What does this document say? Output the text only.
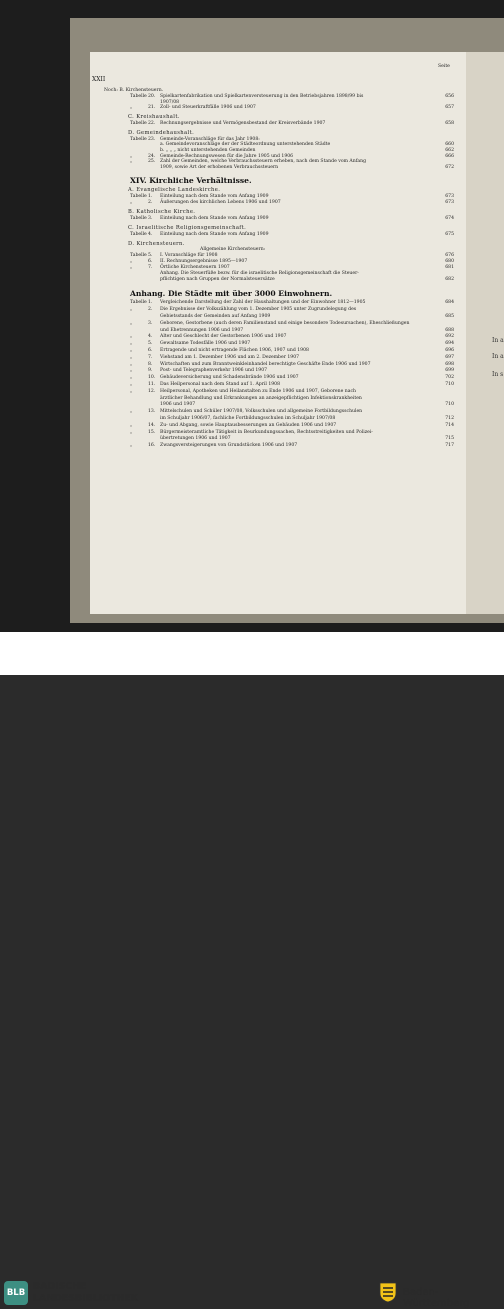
XXII
Seite
Noch: B. Kirchensteuern.
Tabelle 20. Spielkartenfabrikation und Spielkartenversteuerung in den Betriebsjahren 1898/99 bis	656
1907/08
„	21. Zoll- und Steuerkraftfälle 1906 und 1907	657
C. Kreishaushalt.
Tabelle 22. Rechnungsergebnisse und Vermögensbestand der Kreisverbände 1907	658
D. Gemeindehaushalt.
Tabelle 23. Gemeinde-Voranschläge für das Jahr 1908:
a. Gemeindevoranschläge der der Städteordnung unterstehenden Städte	660
b. „ „ „ nicht unterstehenden Gemeinden	662
„	24. Gemeinde-Rechnungswesen für die Jahre 1905 und 1906	666
„	25. Zahl der Gemeinden, welche Verbrauchssteuern erheben, nach dem Stande vom Anfang
1909, sowie Art der erhobenen Verbrauchssteuern	672
XIV. Kirchliche Verhältnisse.
A. Evangelische Landeskirche.
Tabelle 1. Einteilung nach dem Stande vom Anfang 1909	673
„	2. Äußerungen des kirchlichen Lebens 1906 und 1907	673
B. Katholische Kirche.
Tabelle 3. Einteilung nach dem Stande vom Anfang 1909	674
C. Israelitische Religionsgemeinschaft.
Tabelle 4. Einteilung nach dem Stande vom Anfang 1909	675
D. Kirchensteuern.
Allgemeine Kirchensteuern:
Tabelle 5. I. Voranschläge für 1908	676
„	6. II. Rechnungsergebnisse 1895—1907	680
„	7. Örtliche Kirchensteuern 1907	681
Anhang. Die Steuerfüße bezw. für die israelitische Religionsgemeinschaft die Steuer-
pflichtigen nach Gruppen der Normalsteuersätze	682
Anhang. Die Städte mit über 3000 Einwohnern.
Tabelle 1. Vergleichende Darstellung der Zahl der Haushaltungen und der Einwohner 1812—1905	684
„	2. Die Ergebnisse der Volkszählung vom 1. Dezember 1905 unter Zugrundelegung des
Gebietsstands der Gemeinden auf Anfang 1909	685
„	3. Geborene, Gestorbene (auch deren Familienstand und einige besondere Todesursachen), Eheschließungen
und Ehetrennungen 1906 und 1907	688
„	4. Alter und Geschlecht der Gestorbenen 1906 und 1907	692
„	5. Gewaltsame Todesfälle 1906 und 1907	694
„	6. Ertragende und nicht ertragende Flächen 1906, 1907 und 1908	696
„	7. Viehstand am 1. Dezember 1906 und am 2. Dezember 1907	697
„	8. Wirtschaften und zum Branntweinkleinhandel berechtigte Geschäfte Ende 1906 und 1907	698
„	9. Post- und Telegraphenverkehr 1906 und 1907	699
„	10. Gebäudeversicherung und Schadensbrände 1906 und 1907	702
„	11. Das Heilpersonal nach dem Stand auf 1. April 1908	710
„	12. Heilpersonal, Apotheken und Heilanstalten zu Ende 1906 und 1907, Geborene nach
ärztlicher Behandlung und Erkrankungen an anzeigepflichtigen Infektionskrankheiten
1906 und 1907	710
„	13. Mittelschulen und Schüler 1907/08, Volksschulen und allgemeine Fortbildungsschulen
im Schuljahr 1906/07, fachliche Fortbildungsschulen im Schuljahr 1907/08	712
„	14. Zu- und Abgang, sowie Hauptausbesserungen an Gebäuden 1906 und 1907	714
„	15. Bürgermeisteramtliche Tätigkeit in Beurkundungssachen, Rechtsstreitigkeiten und Polizei-
übertretungen 1906 und 1907	715
„	16. Zwangsversteigerungen von Grundstücken 1906 und 1907	717
In a
In a
In s
BLB
BADISCHE
LANDESBIBLIOTHEK	Baden-Württemberg
